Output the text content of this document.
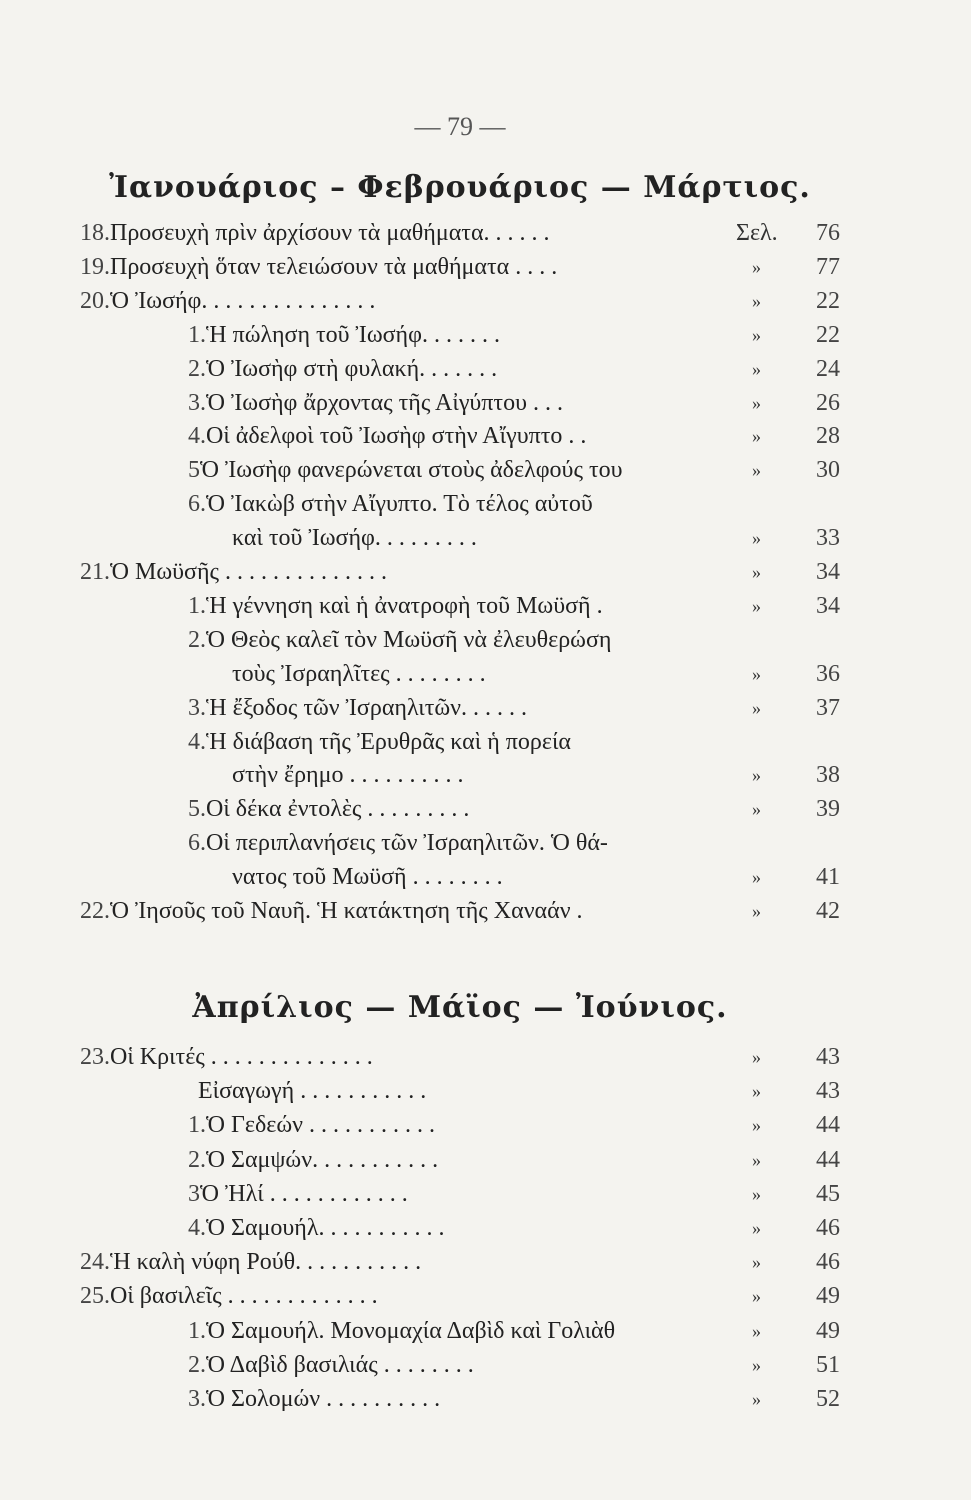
— 79 —
Ἰανουάριος – Φεβρουάριος — Μάρτιος.
18.Προσευχὴ πρὶν ἀρχίσουν τὰ μαθήματα. . . . . .	Σελ.	76
19.Προσευχὴ ὅταν τελειώσουν τὰ μαθήματα . . . .	»	77
20.Ὁ Ἰωσήφ. . . . . . . . . . . . . . .	»	22
1.Ἡ πώληση τοῦ Ἰωσήφ. . . . . . .	»	22
2.Ὁ Ἰωσὴφ στὴ φυλακή. . . . . . .	»	24
3.Ὁ Ἰωσὴφ ἄρχοντας τῆς Αἰγύπτου . . .	»	26
4.Οἱ ἀδελφοὶ τοῦ Ἰωσὴφ στὴν Αἴγυπτο . .	»	28
5Ὁ Ἰωσὴφ φανερώνεται στοὺς ἀδελφούς του	»	30
6.Ὁ Ἰακὼβ στὴν Αἴγυπτο. Τὸ τέλος αὐτοῦ
καὶ τοῦ Ἰωσήφ. . . . . . . . .	»	33
21.Ὁ Μωϋσῆς . . . . . . . . . . . . . .	»	34
1.Ἡ γέννηση καὶ ἡ ἀνατροφὴ τοῦ Μωϋσῆ .	»	34
2.Ὁ Θεὸς καλεῖ τὸν Μωϋσῆ νὰ ἐλευθερώση
τοὺς Ἰσραηλῖτες . . . . . . . .	»	36
3.Ἡ ἔξοδος τῶν Ἰσραηλιτῶν. . . . . .	»	37
4.Ἡ διάβαση τῆς Ἐρυθρᾶς καὶ ἡ πορεία
στὴν ἔρημο . . . . . . . . . .	»	38
5.Οἱ δέκα ἐντολὲς . . . . . . . . .	»	39
6.Οἱ περιπλανήσεις τῶν Ἰσραηλιτῶν. Ὁ θά-
νατος τοῦ Μωϋσῆ . . . . . . . .	»	41
22.Ὁ Ἰησοῦς τοῦ Ναυῆ. Ἡ κατάκτηση τῆς Χαναάν .	»	42
Ἀπρίλιος — Μάϊος — Ἰούνιος.
23.Οἱ Κριτές . . . . . . . . . . . . . .	»	43
Εἰσαγωγή . . . . . . . . . . .	»	43
1.Ὁ Γεδεών . . . . . . . . . . .	»	44
2.Ὁ Σαμψών. . . . . . . . . . .	»	44
3Ὁ Ἠλί . . . . . . . . . . . .	»	45
4.Ὁ Σαμουήλ. . . . . . . . . . .	»	46
24.Ἡ καλὴ νύφη Ρούθ. . . . . . . . . . .	»	46
25.Οἱ βασιλεῖς . . . . . . . . . . . . .	»	49
1.Ὁ Σαμουήλ. Μονομαχία Δαβὶδ καὶ Γολιὰθ	»	49
2.Ὁ Δαβὶδ βασιλιάς . . . . . . . .	»	51
3.Ὁ Σολομών . . . . . . . . . .	»	52
